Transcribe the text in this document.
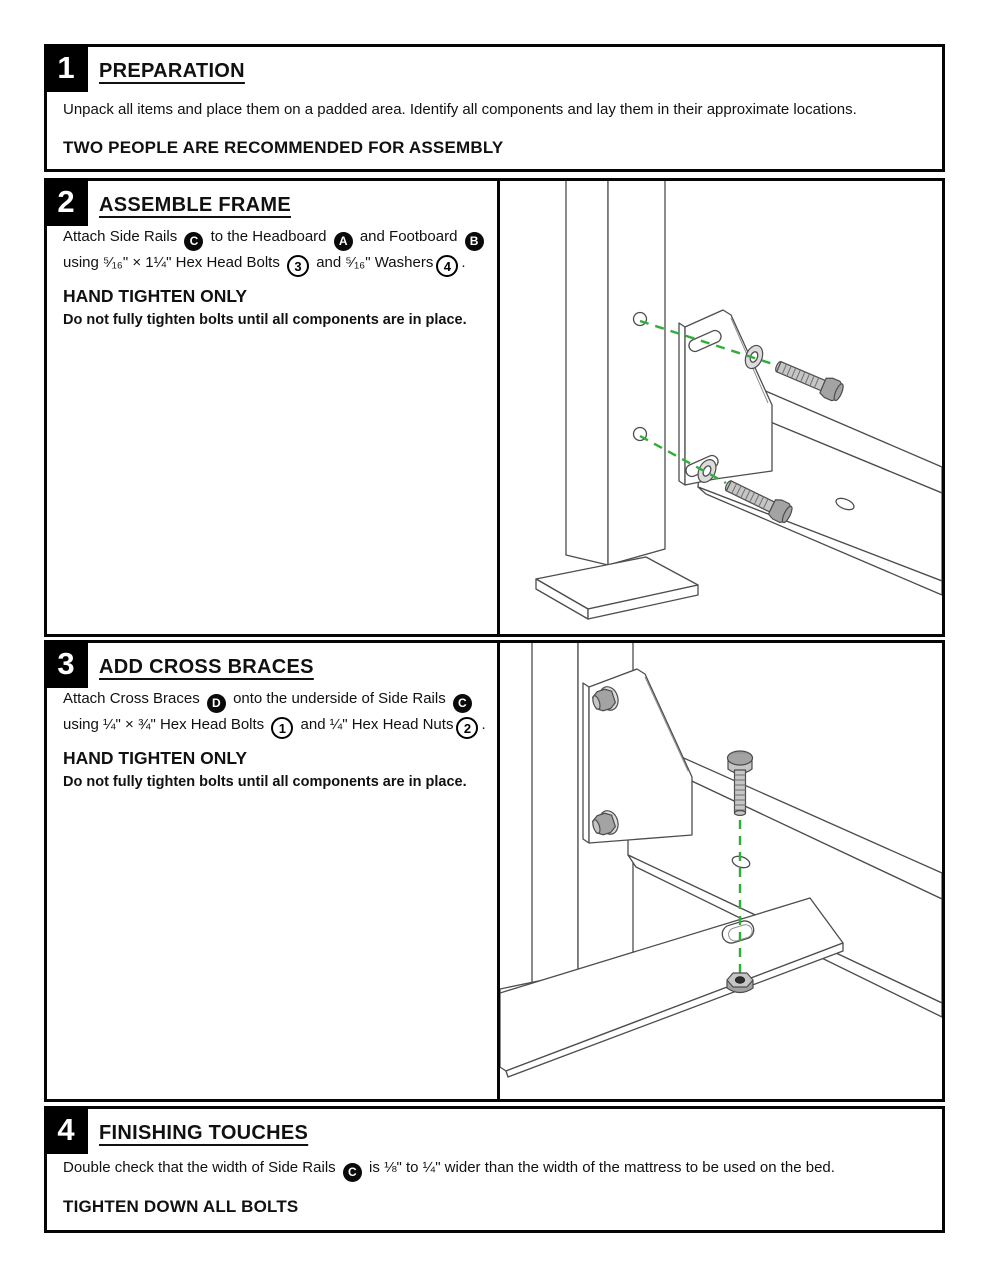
1	PREPARATION
Unpack all items and place them on a padded area. Identify all components and lay them in their approximate locations.
TWO PEOPLE ARE RECOMMENDED FOR ASSEMBLY
2	ASSEMBLE FRAME

Attach Side Rails C to the Headboard A and Footboard B using ⁵⁄₁₆" × 1¼" Hex Head Bolts 3 and ⁵⁄₁₆" Washers 4 .

HAND TIGHTEN ONLY
Do not fully tighten bolts until all components are in place.
3	ADD CROSS BRACES

Attach Cross Braces D onto the underside of Side Rails C using ¼" × ¾" Hex Head Bolts 1 and ¼" Hex Head Nuts 2 .

HAND TIGHTEN ONLY
Do not fully tighten bolts until all components are in place.
4	FINISHING TOUCHES
Double check that the width of Side Rails C is ⅛" to ¼" wider than the width of the mattress to be used on the bed.
TIGHTEN DOWN ALL BOLTS
